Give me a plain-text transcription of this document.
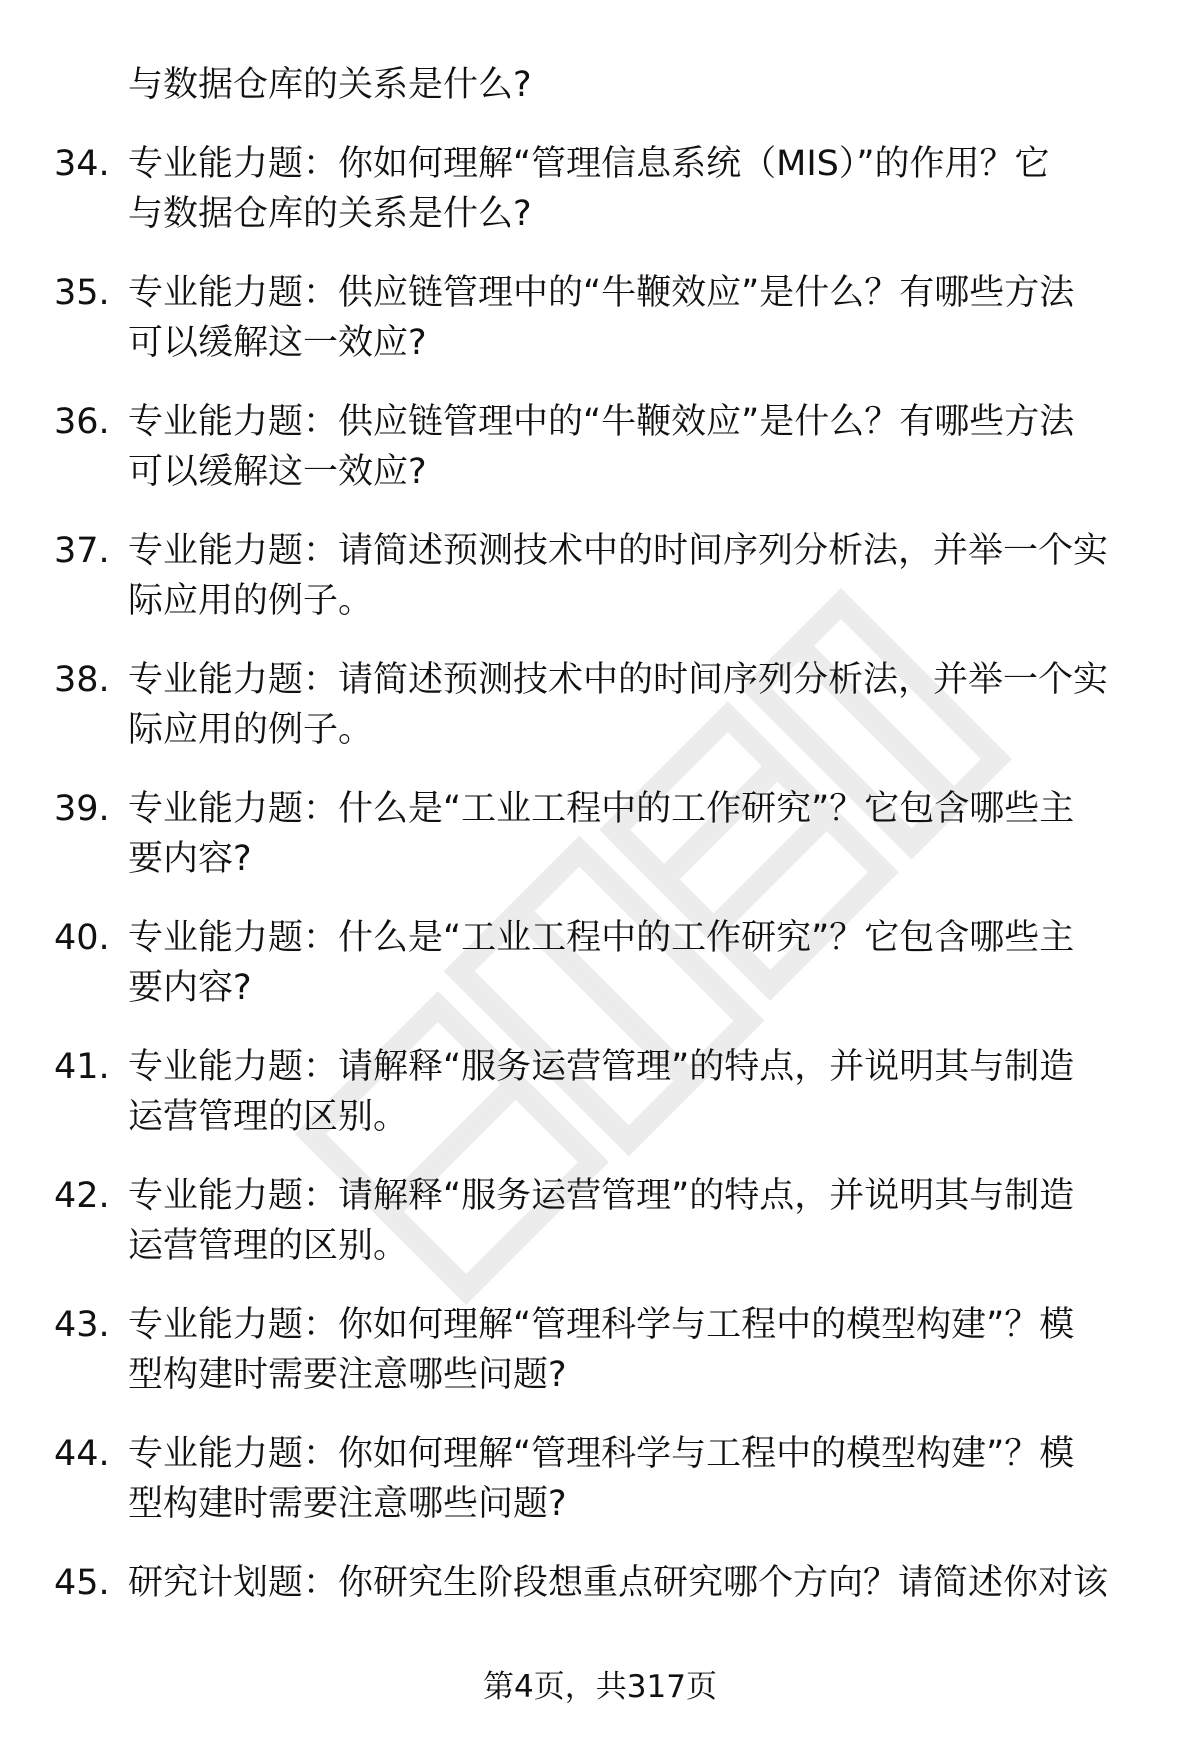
与数据仓库的关系是什么?
34. 专业能力题：你如何理解“管理信息系统（MIS）”的作用？它
与数据仓库的关系是什么?
35. 专业能力题：供应链管理中的“牛鞭效应”是什么？有哪些方法
可以缓解这一效应?
36. 专业能力题：供应链管理中的“牛鞭效应”是什么？有哪些方法
可以缓解这一效应?
37. 专业能力题：请简述预测技术中的时间序列分析法，并举一个实
际应用的例子。
38. 专业能力题：请简述预测技术中的时间序列分析法，并举一个实
际应用的例子。
39. 专业能力题：什么是“工业工程中的工作研究”？它包含哪些主
要内容?
40. 专业能力题：什么是“工业工程中的工作研究”？它包含哪些主
要内容?
41. 专业能力题：请解释“服务运营管理”的特点，并说明其与制造
运营管理的区别。
42. 专业能力题：请解释“服务运营管理”的特点，并说明其与制造
运营管理的区别。
43. 专业能力题：你如何理解“管理科学与工程中的模型构建”？模
型构建时需要注意哪些问题?
44. 专业能力题：你如何理解“管理科学与工程中的模型构建”？模
型构建时需要注意哪些问题?
45. 研究计划题：你研究生阶段想重点研究哪个方向？请简述你对该
第4页，共317页
